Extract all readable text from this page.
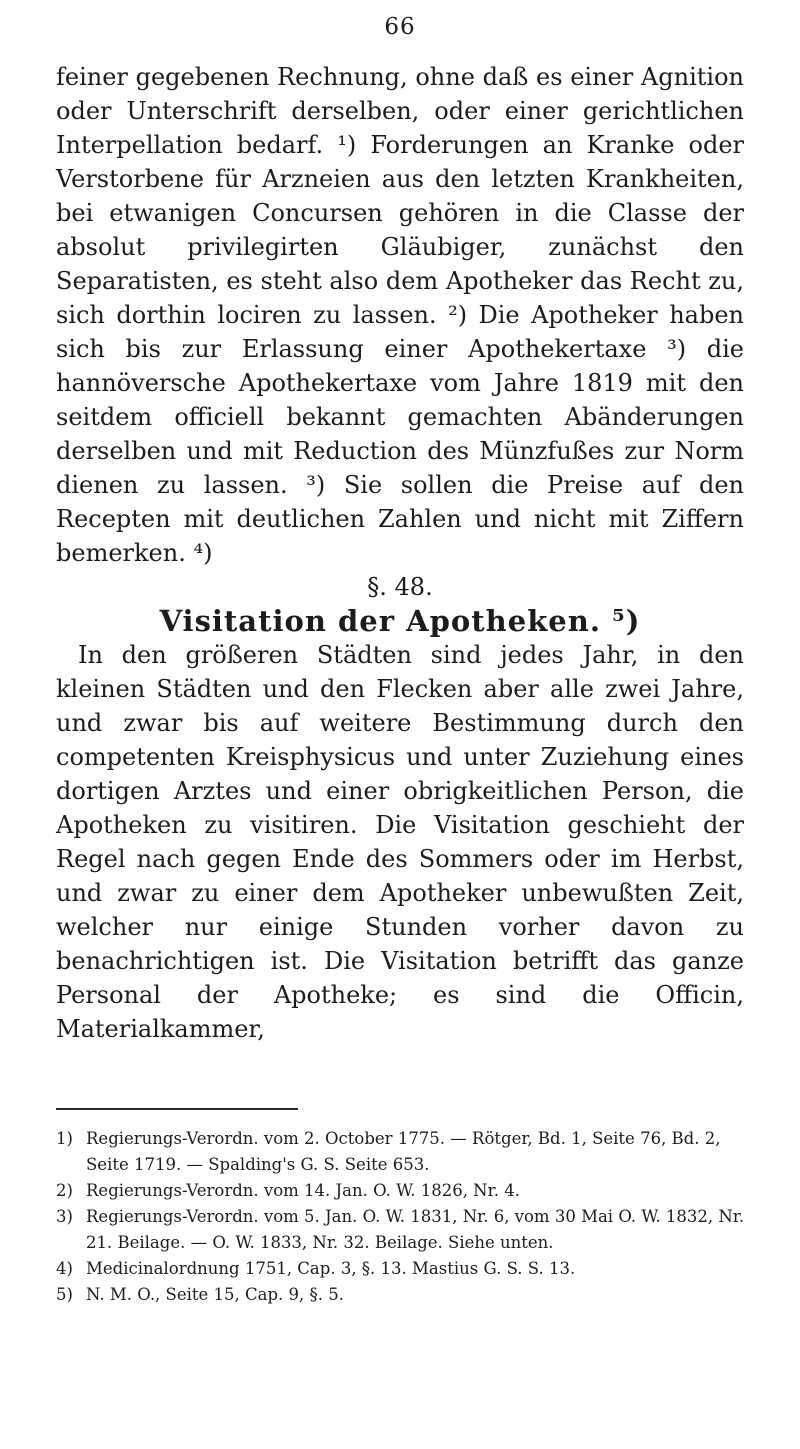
66

feiner gegebenen Rechnung, ohne daß es einer Agnition oder Unterschrift derselben, oder einer gerichtlichen Interpellation bedarf. ¹) Forderungen an Kranke oder Verstorbene für Arzneien aus den letzten Krankheiten, bei etwanigen Concursen gehören in die Classe der absolut privilegirten Gläubiger, zunächst den Separatisten, es steht also dem Apotheker das Recht zu, sich dorthin lociren zu lassen. ²) Die Apotheker haben sich bis zur Erlassung einer Apothekertaxe ³) die hannöversche Apothekertaxe vom Jahre 1819 mit den seitdem officiell bekannt gemachten Abänderungen derselben und mit Reduction des Münzfußes zur Norm dienen zu lassen. ³) Sie sollen die Preise auf den Recepten mit deutlichen Zahlen und nicht mit Ziffern bemerken. ⁴)

§. 48.

Visitation der Apotheken. ⁵)

In den größeren Städten sind jedes Jahr, in den kleinen Städten und den Flecken aber alle zwei Jahre, und zwar bis auf weitere Bestimmung durch den competenten Kreisphysicus und unter Zuziehung eines dortigen Arztes und einer obrigkeitlichen Person, die Apotheken zu visitiren. Die Visitation geschieht der Regel nach gegen Ende des Sommers oder im Herbst, und zwar zu einer dem Apotheker unbewußten Zeit, welcher nur einige Stunden vorher davon zu benachrichtigen ist. Die Visitation betrifft das ganze Personal der Apotheke; es sind die Officin, Materialkammer,

1) Regierungs-Verordn. vom 2. October 1775. — Rötger, Bd. 1, Seite 76, Bd. 2, Seite 1719. — Spalding's G. S. Seite 653.

2) Regierungs-Verordn. vom 14. Jan. O. W. 1826, Nr. 4.

3) Regierungs-Verordn. vom 5. Jan. O. W. 1831, Nr. 6, vom 30 Mai O. W. 1832, Nr. 21. Beilage. — O. W. 1833, Nr. 32. Beilage. Siehe unten.

4) Medicinalordnung 1751, Cap. 3, §. 13. Mastius G. S. S. 13.

5) N. M. O., Seite 15, Cap. 9, §. 5.
